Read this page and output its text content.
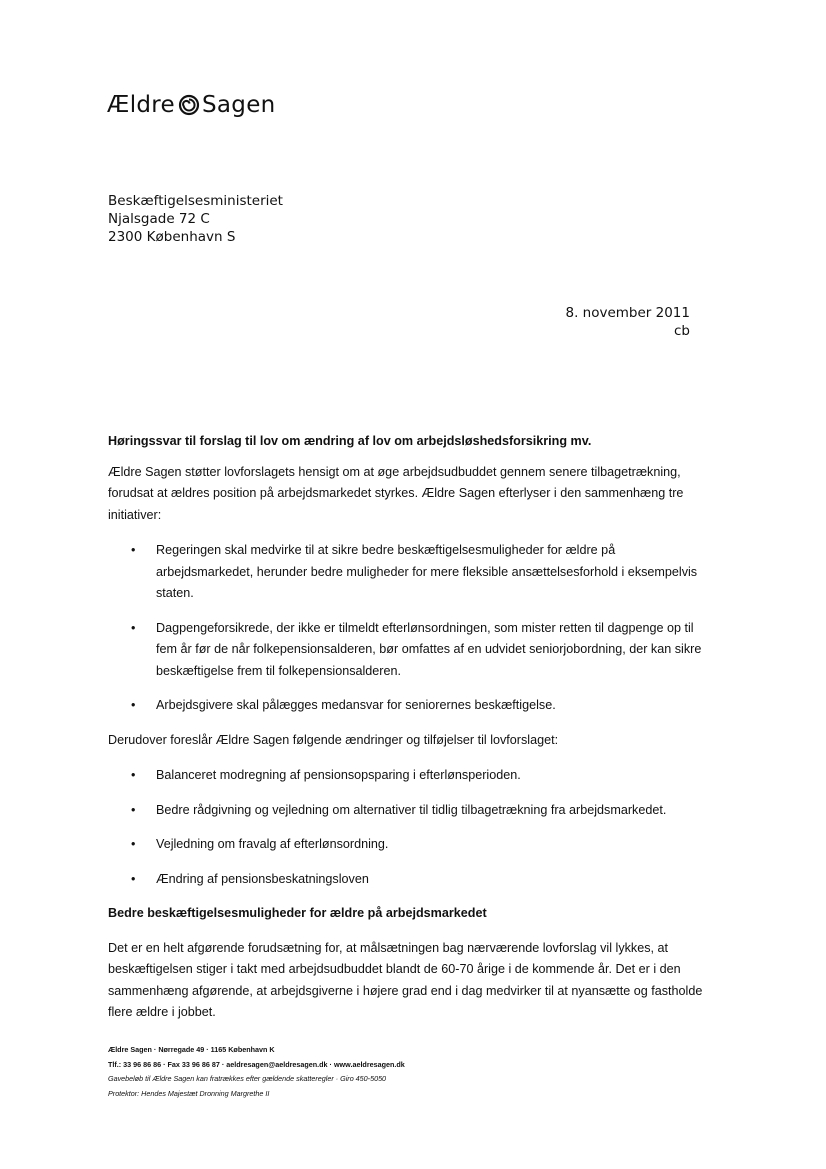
Ældre Sagen
Beskæftigelsesministeriet
Njalsgade 72 C
2300 København S
8. november 2011
cb
Høringssvar til forslag til lov om ændring af lov om arbejdsløshedsforsikring mv.
Ældre Sagen støtter lovforslagets hensigt om at øge arbejdsudbuddet gennem senere tilbagetrækning, forudsat at ældres position på arbejdsmarkedet styrkes. Ældre Sagen efterlyser i den sammenhæng tre initiativer:
• Regeringen skal medvirke til at sikre bedre beskæftigelsesmuligheder for ældre på arbejdsmarkedet, herunder bedre muligheder for mere fleksible ansættelsesforhold i eksempelvis staten.
• Dagpengeforsikrede, der ikke er tilmeldt efterlønsordningen, som mister retten til dagpenge op til fem år før de når folkepensionsalderen, bør omfattes af en udvidet seniorjobordning, der kan sikre beskæftigelse frem til folkepensionsalderen.
• Arbejdsgivere skal pålægges medansvar for seniorernes beskæftigelse.
Derudover foreslår Ældre Sagen følgende ændringer og tilføjelser til lovforslaget:
• Balanceret modregning af pensionsopsparing i efterlønsperioden.
• Bedre rådgivning og vejledning om alternativer til tidlig tilbagetrækning fra arbejdsmarkedet.
• Vejledning om fravalg af efterlønsordning.
• Ændring af pensionsbeskatningsloven
Bedre beskæftigelsesmuligheder for ældre på arbejdsmarkedet
Det er en helt afgørende forudsætning for, at målsætningen bag nærværende lovforslag vil lykkes, at beskæftigelsen stiger i takt med arbejdsudbuddet blandt de 60-70 årige i de kommende år. Det er i den sammenhæng afgørende, at arbejdsgiverne i højere grad end i dag medvirker til at nyansætte og fastholde flere ældre i jobbet.
Ældre Sagen · Nørregade 49 · 1165 København K
Tlf.: 33 96 86 86 · Fax 33 96 86 87 · aeldresagen@aeldresagen.dk · www.aeldresagen.dk
Gavebeløb til Ældre Sagen kan fratrækkes efter gældende skatteregler · Giro 450-5050
Protektor: Hendes Majestæt Dronning Margrethe II
